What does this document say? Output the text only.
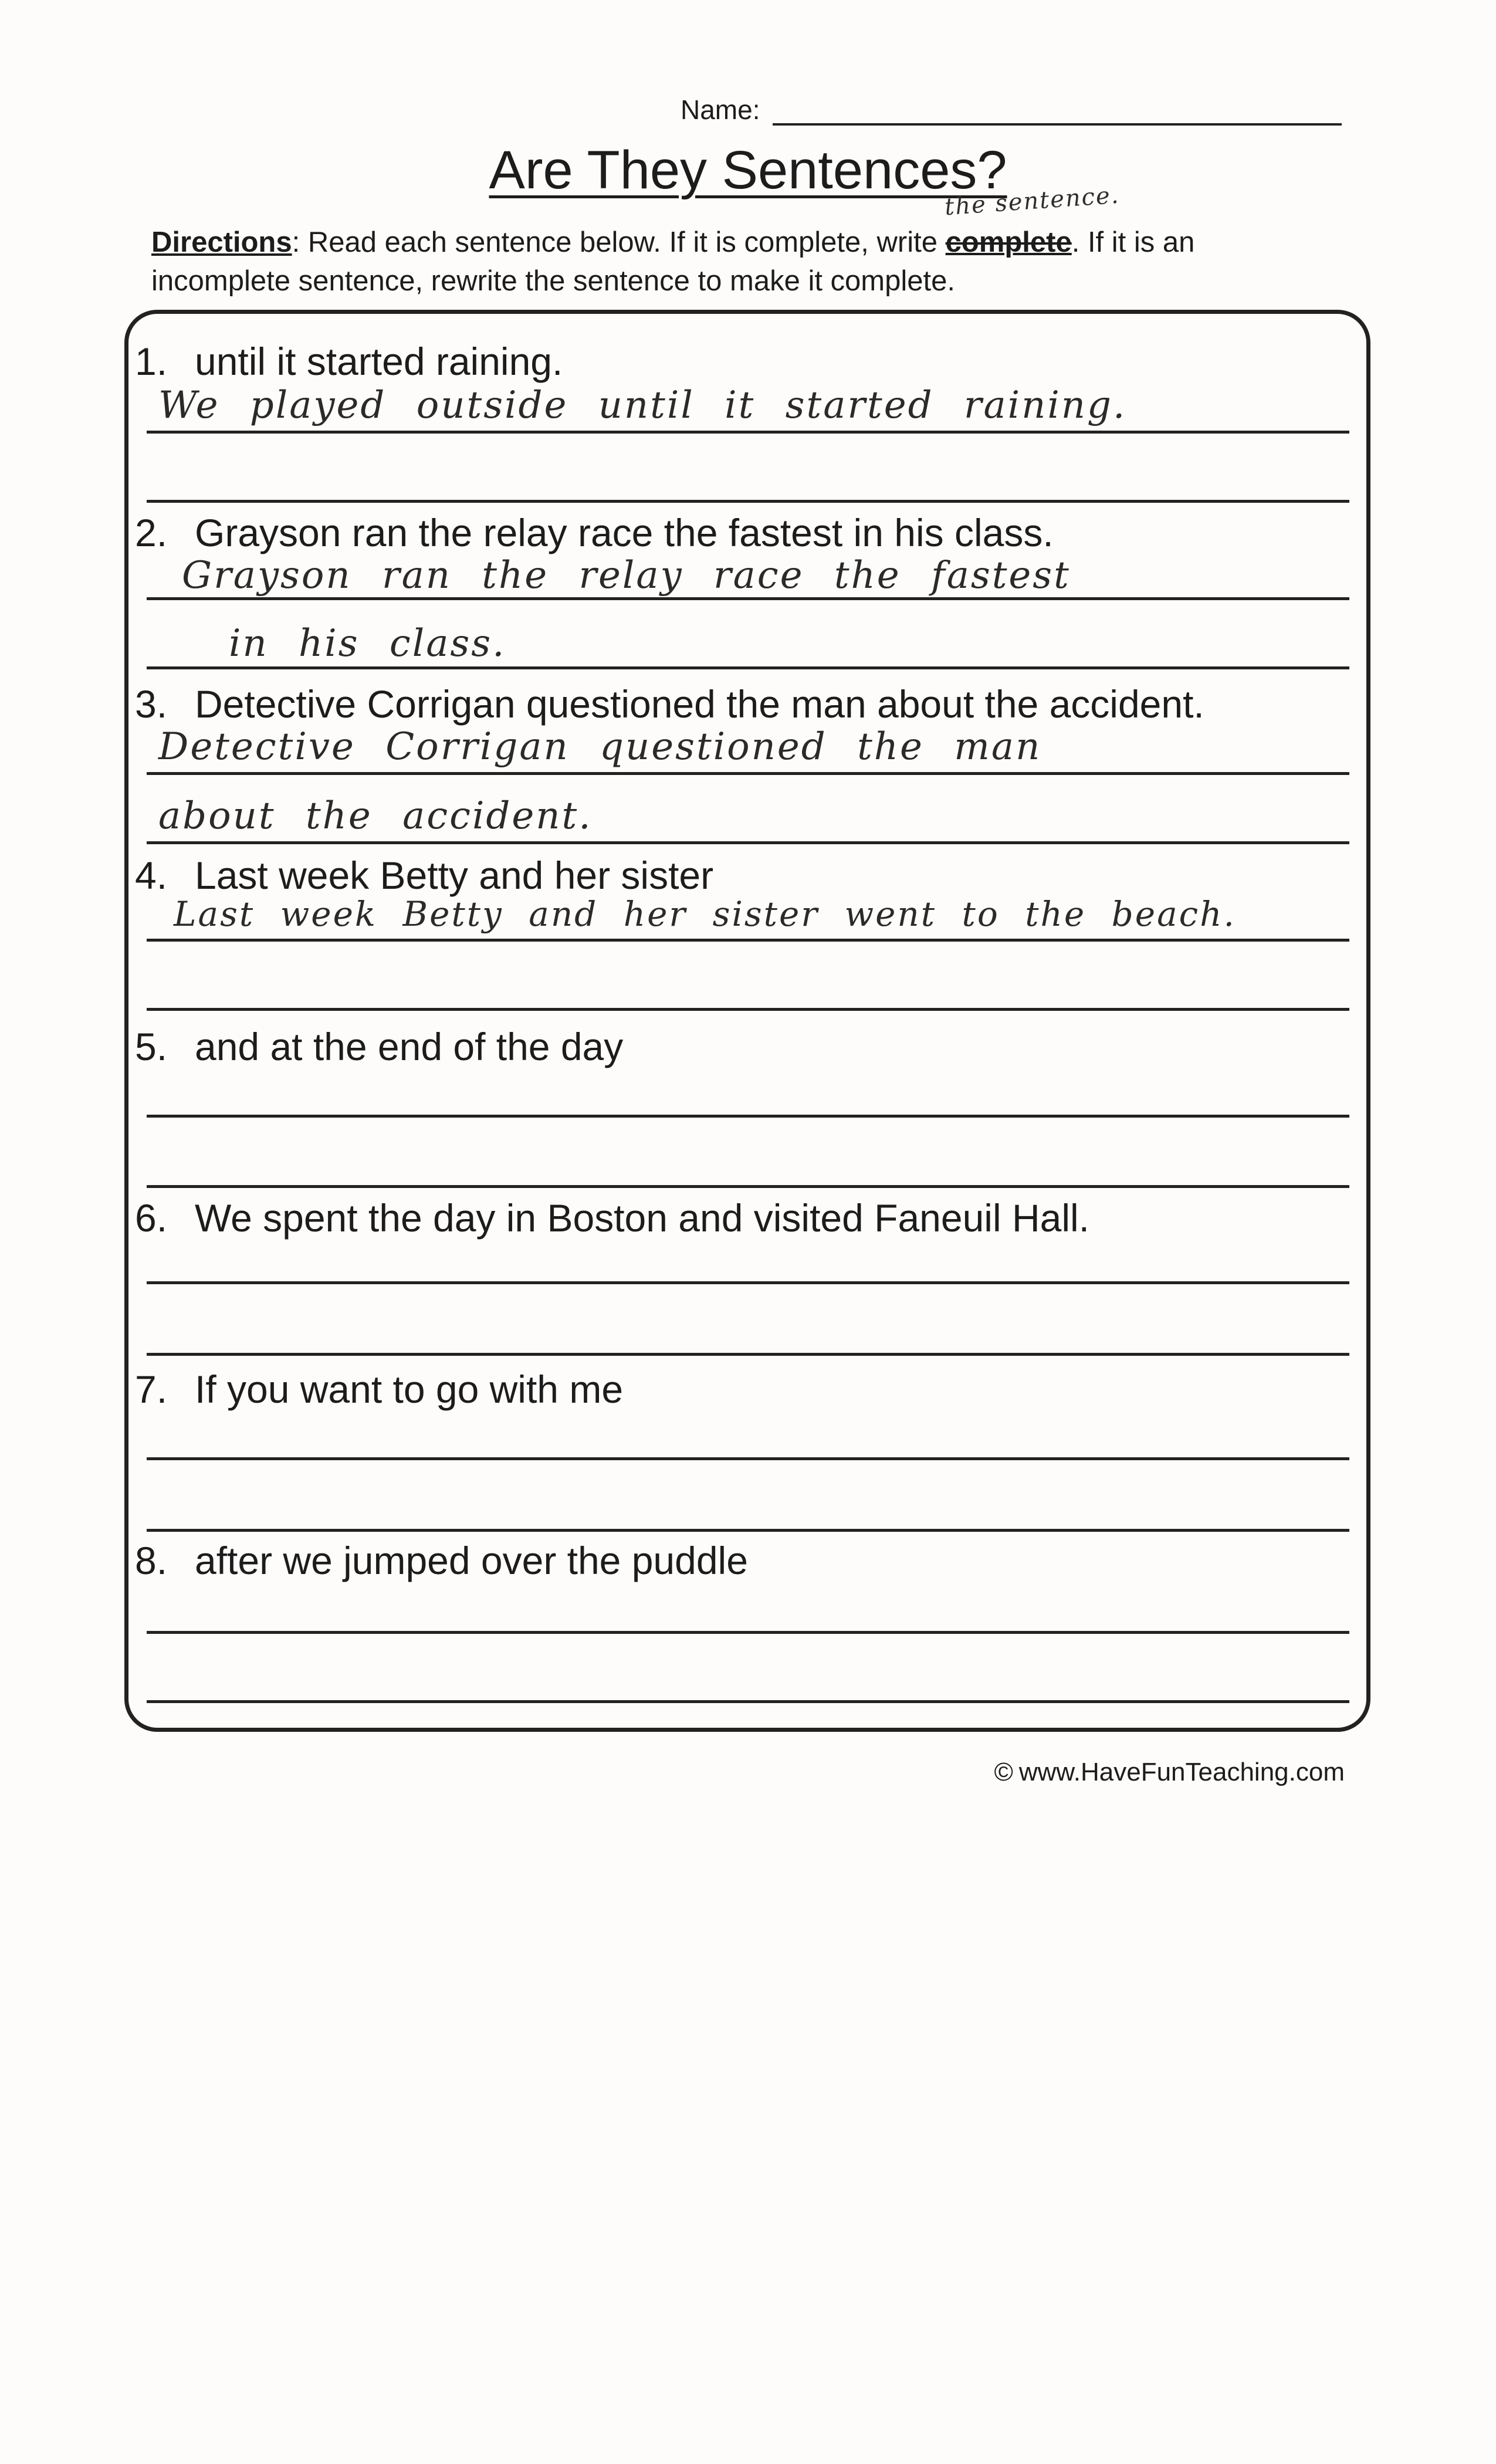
Name:
Are They Sentences?
Directions: Read each sentence below. If it is complete, write
the sentence.
complete. If it is an incomplete sentence, rewrite the sentence to make it complete.
1. until it started raining.
We played outside until it started raining.
2. Grayson ran the relay race the fastest in his class.
Grayson ran the relay race the fastest
in his class.
3. Detective Corrigan questioned the man about the accident.
Detective Corrigan questioned the man
about the accident.
4. Last week Betty and her sister
Last week Betty and her sister went to the beach.
5. and at the end of the day
6. We spent the day in Boston and visited Faneuil Hall.
7. If you want to go with me
8. after we jumped over the puddle
© www.HaveFunTeaching.com
